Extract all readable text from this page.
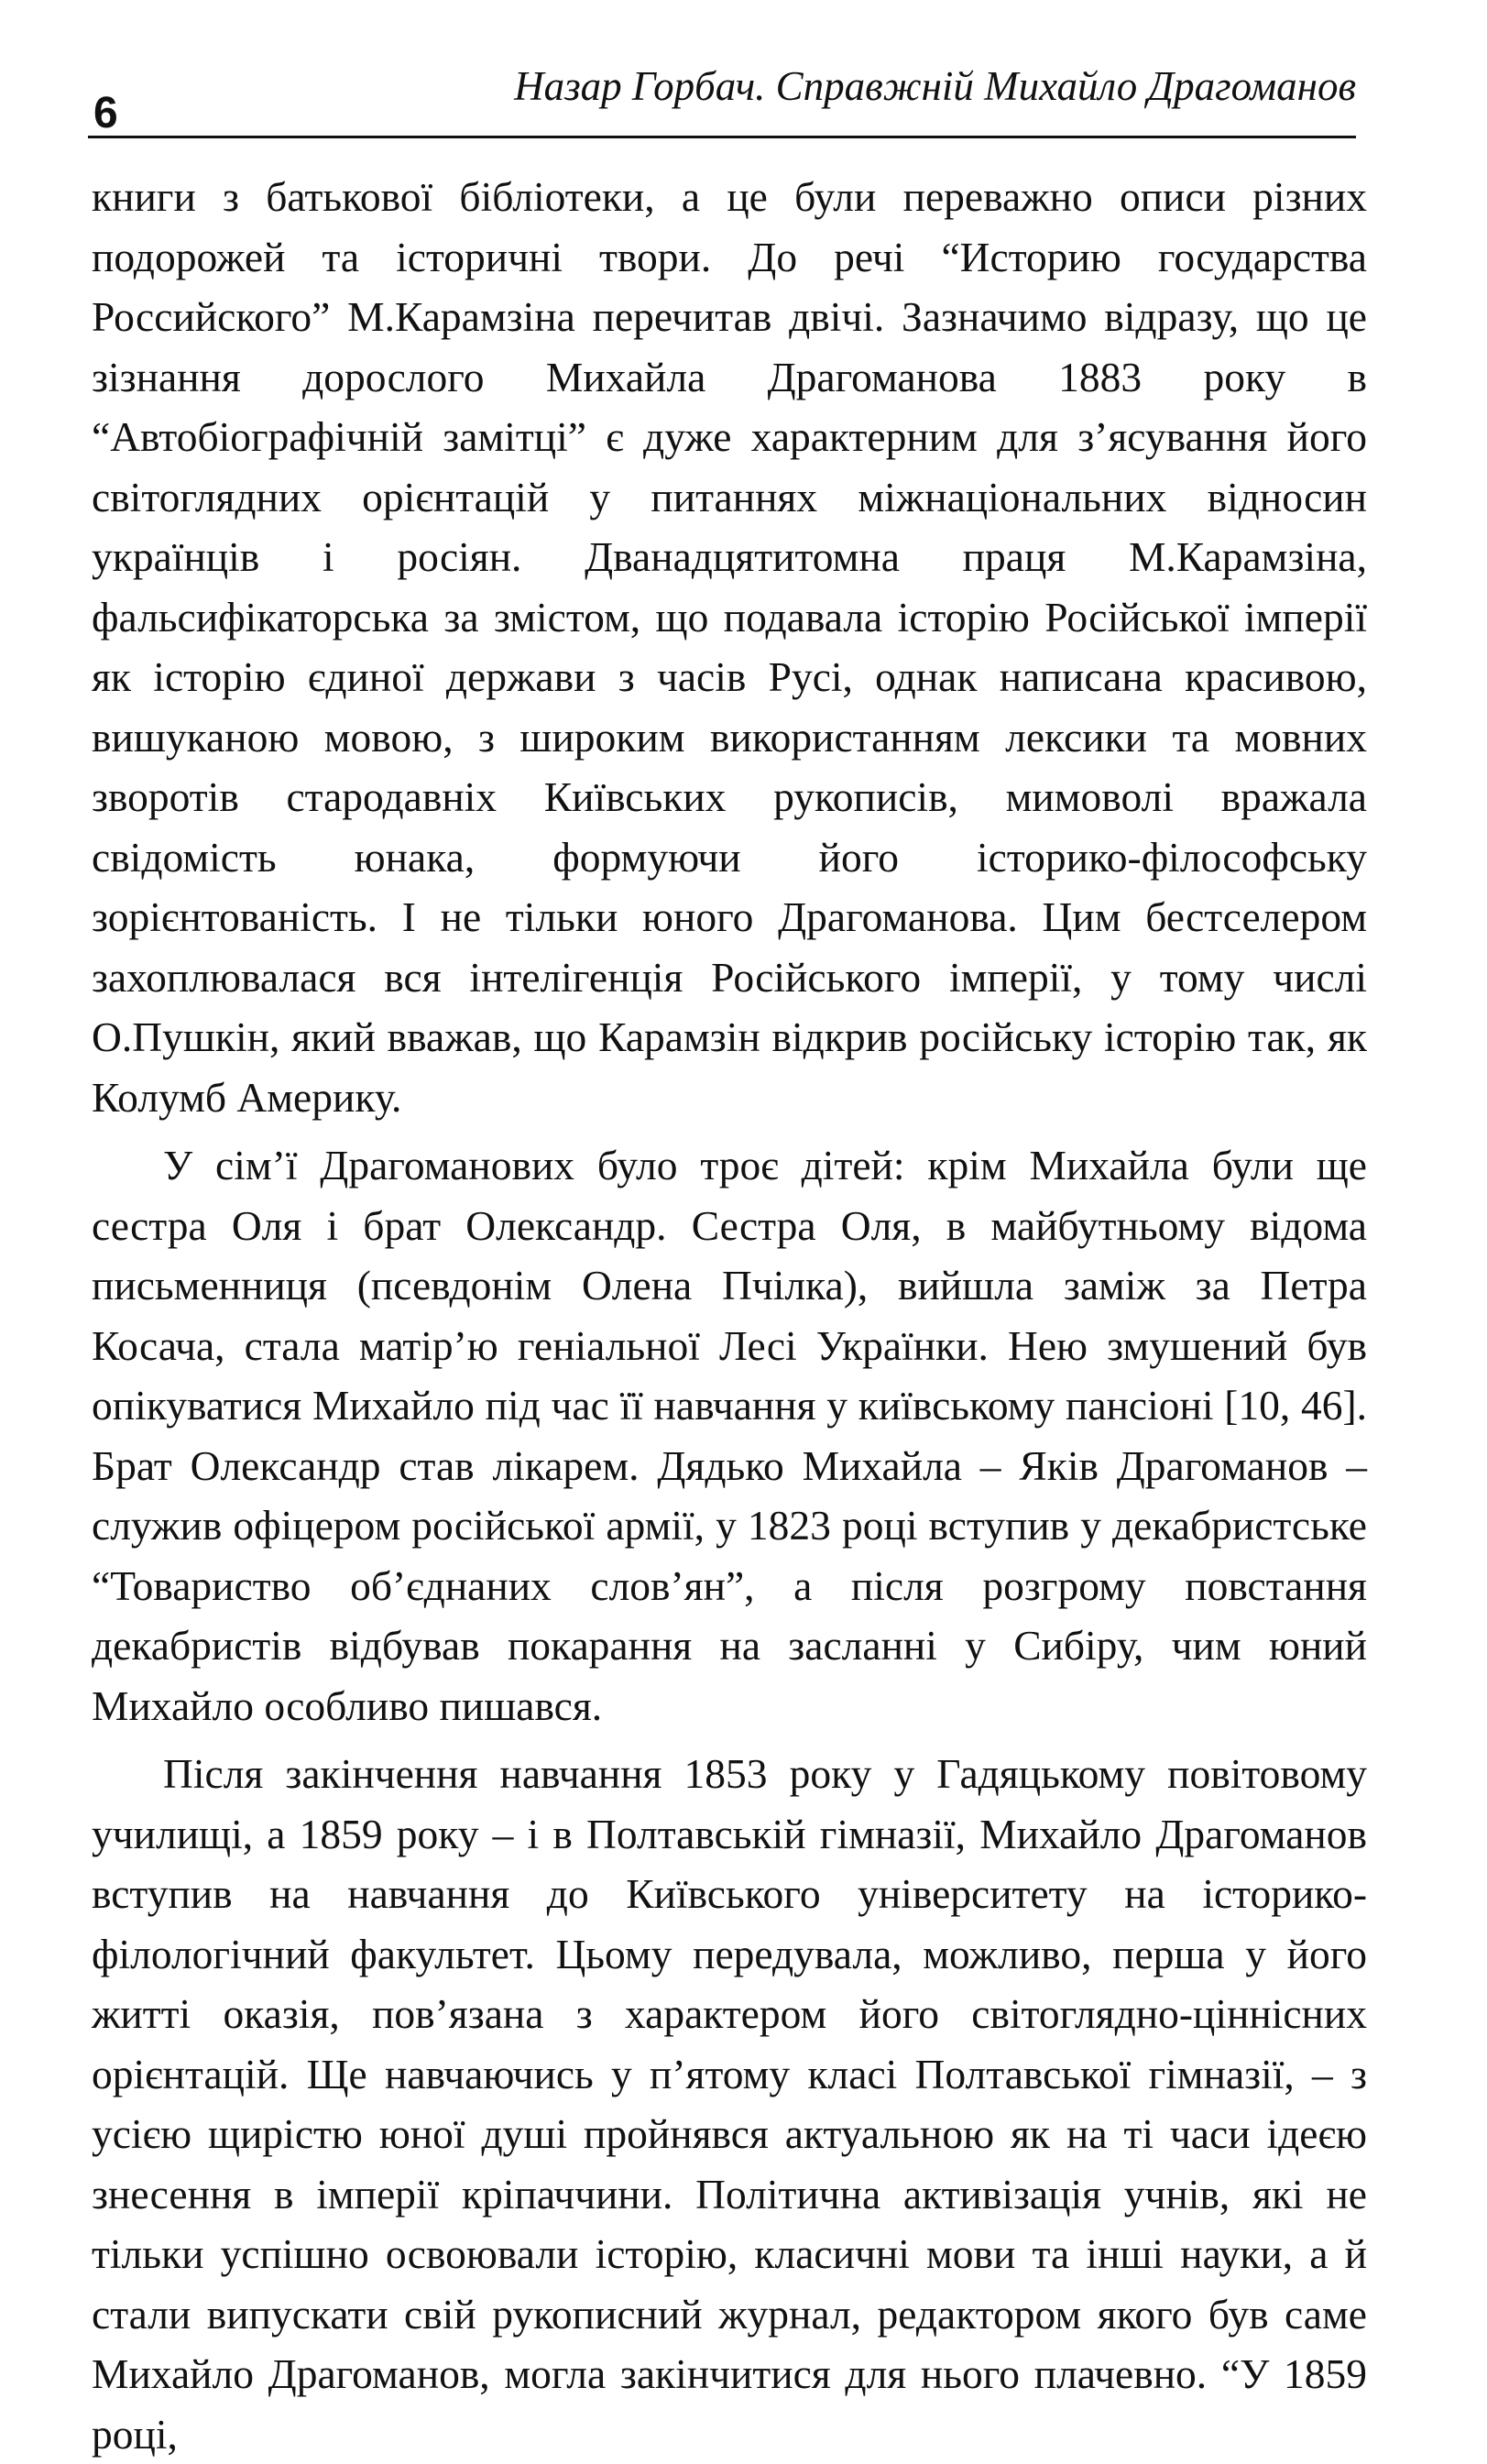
6
Назар Горбач. Справжній Михайло Драгоманов

книги з батькової бібліотеки, а це були переважно описи різних подорожей та історичні твори. До речі “Историю государства Российского” М.Карамзіна перечитав двічі. Зазначимо відразу, що це зізнання дорослого Михайла Драгоманова 1883 року в “Автобіографічній замітці” є дуже характерним для з’ясування його світоглядних орієнтацій у питаннях міжнаціональних відносин українців і росіян. Дванадцятитомна праця М.Карамзіна, фальсифікаторська за змістом, що подавала історію Російської імперії як історію єдиної держави з часів Русі, однак написана красивою, вишуканою мовою, з широким використанням лексики та мовних зворотів стародавніх Київських рукописів, мимоволі вражала свідомість юнака, формуючи його історико-філософську зорієнтованість. І не тільки юного Драгоманова. Цим бестселером захоплювалася вся інтелігенція Російського імперії, у тому числі О.Пушкін, який вважав, що Карамзін відкрив російську історію так, як Колумб Америку.

У сім’ї Драгоманових було троє дітей: крім Михайла були ще сестра Оля і брат Олександр. Сестра Оля, в майбутньому відома письменниця (псевдонім Олена Пчілка), вийшла заміж за Петра Косача, стала матір’ю геніальної Лесі Українки. Нею змушений був опікуватися Михайло під час її навчання у київському пансіоні [10, 46]. Брат Олександр став лікарем. Дядько Михайла – Яків Драгоманов – служив офіцером російської армії, у 1823 році вступив у декабристське “Товариство об’єднаних слов’ян”, а після розгрому повстання декабристів відбував покарання на засланні у Сибіру, чим юний Михайло особливо пишався.

Після закінчення навчання 1853 року у Гадяцькому повітовому училищі, а 1859 року – і в Полтавській гімназії, Михайло Драгоманов вступив на навчання до Київського університету на історико-філологічний факультет. Цьому передувала, можливо, перша у його житті оказія, пов’язана з характером його світоглядно-ціннісних орієнтацій. Ще навчаючись у п’ятому класі Полтавської гімназії, – з усією щирістю юної душі пройнявся актуальною як на ті часи ідеєю знесення в імперії кріпаччини. Політична активізація учнів, які не тільки успішно освоювали історію, класичні мови та інші науки, а й стали випускати свій рукописний журнал, редактором якого був саме Михайло Драгоманов, могла закінчитися для нього плачевно. “У 1859 році,
